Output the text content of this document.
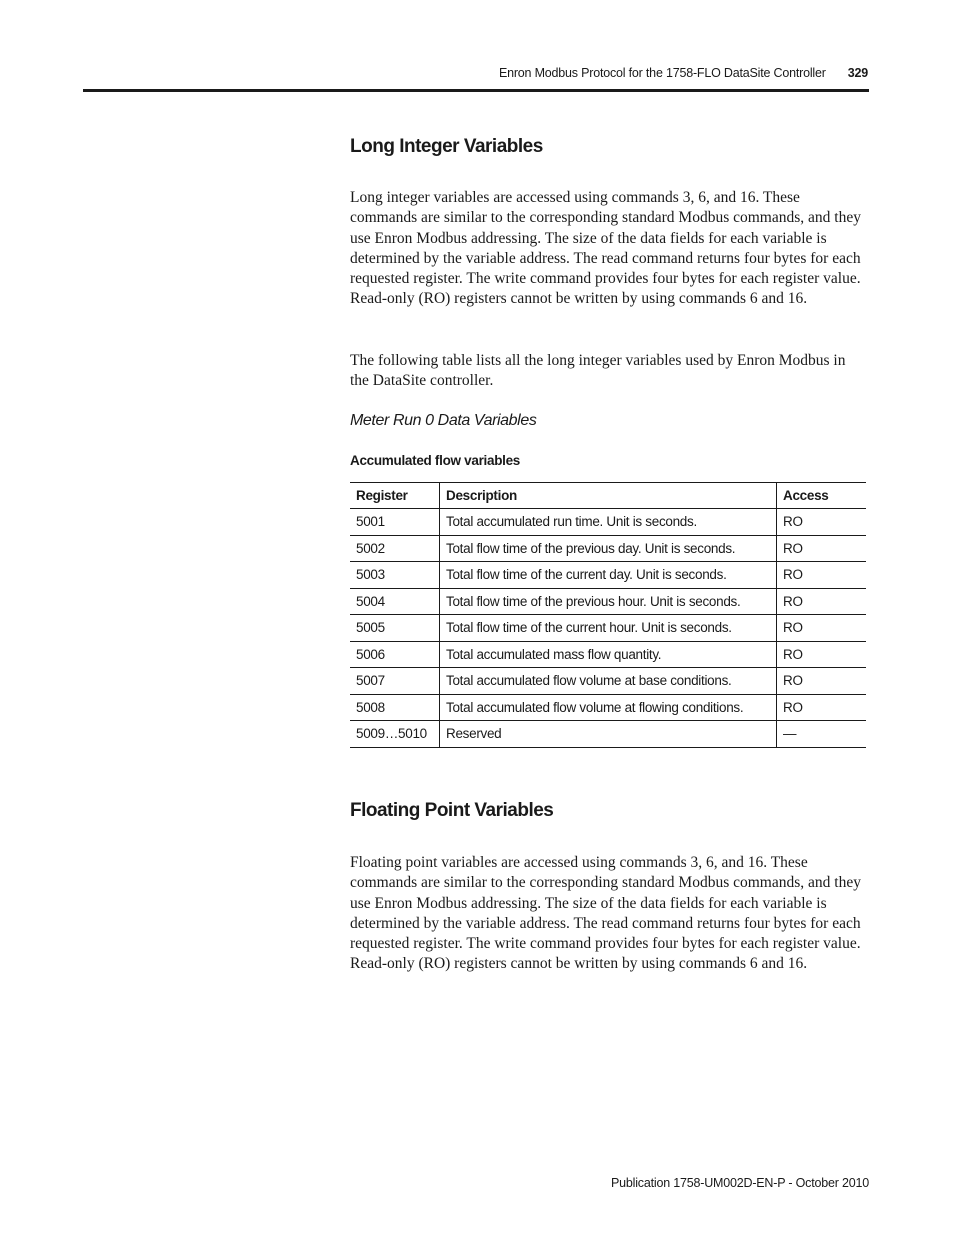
Enron Modbus Protocol for the 1758-FLO DataSite Controller 329
Long Integer Variables

Long integer variables are accessed using commands 3, 6, and 16. These commands are similar to the corresponding standard Modbus commands, and they use Enron Modbus addressing. The size of the data fields for each variable is determined by the variable address. The read command returns four bytes for each requested register. The write command provides four bytes for each register value. Read-only (RO) registers cannot be written by using commands 6 and 16.

The following table lists all the long integer variables used by Enron Modbus in the DataSite controller.

Meter Run 0 Data Variables

Accumulated flow variables

Register	Description	Access
5001	Total accumulated run time. Unit is seconds.	RO
5002	Total flow time of the previous day. Unit is seconds.	RO
5003	Total flow time of the current day. Unit is seconds.	RO
5004	Total flow time of the previous hour. Unit is seconds.	RO
5005	Total flow time of the current hour. Unit is seconds.	RO
5006	Total accumulated mass flow quantity.	RO
5007	Total accumulated flow volume at base conditions.	RO
5008	Total accumulated flow volume at flowing conditions.	RO
5009…5010	Reserved	—
Floating Point Variables

Floating point variables are accessed using commands 3, 6, and 16. These commands are similar to the corresponding standard Modbus commands, and they use Enron Modbus addressing. The size of the data fields for each variable is determined by the variable address. The read command returns four bytes for each requested register. The write command provides four bytes for each register value. Read-only (RO) registers cannot be written by using commands 6 and 16.

Publication 1758-UM002D-EN-P - October 2010
